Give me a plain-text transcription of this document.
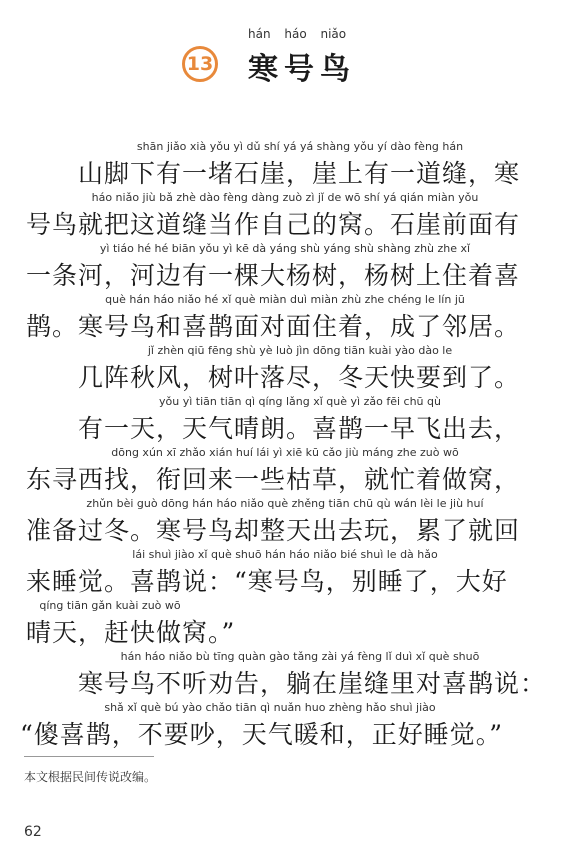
hán háo niǎo
13 寒号鸟
shān jiǎo xià yǒu yì dǔ shí yá yá shàng yǒu yí dào fèng hán
山脚下有一堵石崖，崖上有一道缝，寒
háo niǎo jiù bǎ zhè dào fèng dàng zuò zì jǐ de wō shí yá qián miàn yǒu
号鸟就把这道缝当作自己的窝。石崖前面有
yì tiáo hé hé biān yǒu yì kē dà yáng shù yáng shù shàng zhù zhe xǐ
一条河，河边有一棵大杨树，杨树上住着喜
què hán háo niǎo hé xǐ què miàn duì miàn zhù zhe chéng le lín jū
鹊。寒号鸟和喜鹊面对面住着，成了邻居。
jǐ zhèn qiū fēng shù yè luò jìn dōng tiān kuài yào dào le
几阵秋风，树叶落尽，冬天快要到了。
yǒu yì tiān tiān qì qíng lǎng xǐ què yì zǎo fēi chū qù
有一天，天气晴朗。喜鹊一早飞出去，
dōng xún xī zhǎo xián huí lái yì xiē kū cǎo jiù máng zhe zuò wō
东寻西找，衔回来一些枯草，就忙着做窝，
zhǔn bèi guò dōng hán háo niǎo què zhěng tiān chū qù wán lèi le jiù huí
准备过冬。寒号鸟却整天出去玩，累了就回
lái shuì jiào xǐ què shuō hán háo niǎo bié shuì le dà hǎo
来睡觉。喜鹊说：“寒号鸟，别睡了，大好
qíng tiān gǎn kuài zuò wō
晴天，赶快做窝。”
hán háo niǎo bù tīng quàn gào tǎng zài yá fèng lǐ duì xǐ què shuō
寒号鸟不听劝告，躺在崖缝里对喜鹊说：
shǎ xǐ què bú yào chǎo tiān qì nuǎn huo zhèng hǎo shuì jiào
“傻喜鹊，不要吵，天气暖和，正好睡觉。”
本文根据民间传说改编。
62
